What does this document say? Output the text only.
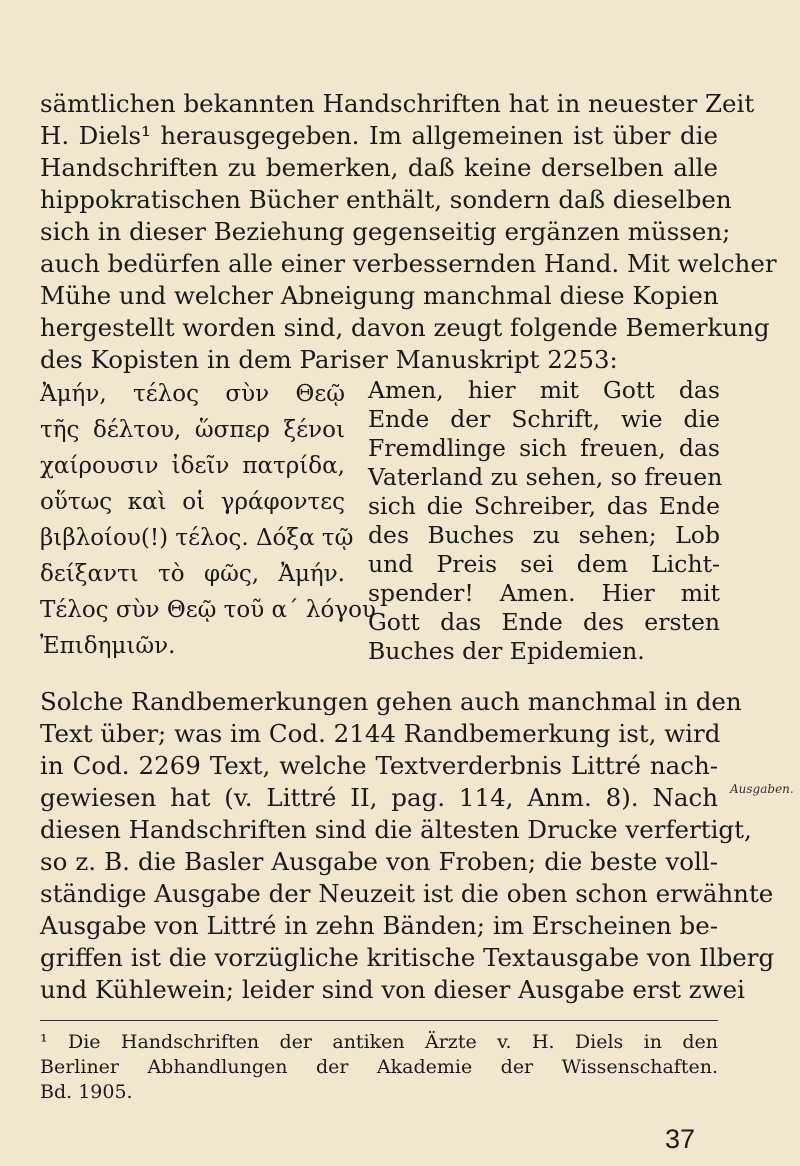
sämtlichen bekannten Handschriften hat in neuester Zeit
H. Diels¹ herausgegeben. Im allgemeinen ist über die
Handschriften zu bemerken, daß keine derselben alle
hippokratischen Bücher enthält, sondern daß dieselben
sich in dieser Beziehung gegenseitig ergänzen müssen;
auch bedürfen alle einer verbessernden Hand. Mit welcher
Mühe und welcher Abneigung manchmal diese Kopien
hergestellt worden sind, davon zeugt folgende Bemerkung
des Kopisten in dem Pariser Manuskript 2253:
Ἀμήν, τέλος σὺν Θεῷ
τῆς δέλτου, ὥσπερ ξένοι
χαίρουσιν ἰδεῖν πατρίδα,
οὕτως καὶ οἱ γράφοντες
βιβλοίου(!) τέλος. Δόξα τῷ
δείξαντι τὸ φῶς, Ἀμήν.
Τέλος σὺν Θεῷ τοῦ α´ λόγου
Ἐπιδημιῶν.
Amen, hier mit Gott das
Ende der Schrift, wie die
Fremdlinge sich freuen, das
Vaterland zu sehen, so freuen
sich die Schreiber, das Ende
des Buches zu sehen; Lob
und Preis sei dem Licht-
spender! Amen. Hier mit
Gott das Ende des ersten
Buches der Epidemien.
Solche Randbemerkungen gehen auch manchmal in den
Text über; was im Cod. 2144 Randbemerkung ist, wird
in Cod. 2269 Text, welche Textverderbnis Littré nach-
gewiesen hat (v. Littré II, pag. 114, Anm. 8). Nach
diesen Handschriften sind die ältesten Drucke verfertigt,
so z. B. die Basler Ausgabe von Froben; die beste voll-
ständige Ausgabe der Neuzeit ist die oben schon erwähnte
Ausgabe von Littré in zehn Bänden; im Erscheinen be-
griffen ist die vorzügliche kritische Textausgabe von Ilberg
und Kühlewein; leider sind von dieser Ausgabe erst zwei
Ausgaben.
¹ Die Handschriften der antiken Ärzte v. H. Diels in den
Berliner Abhandlungen der Akademie der Wissenschaften.
Bd. 1905.
37
